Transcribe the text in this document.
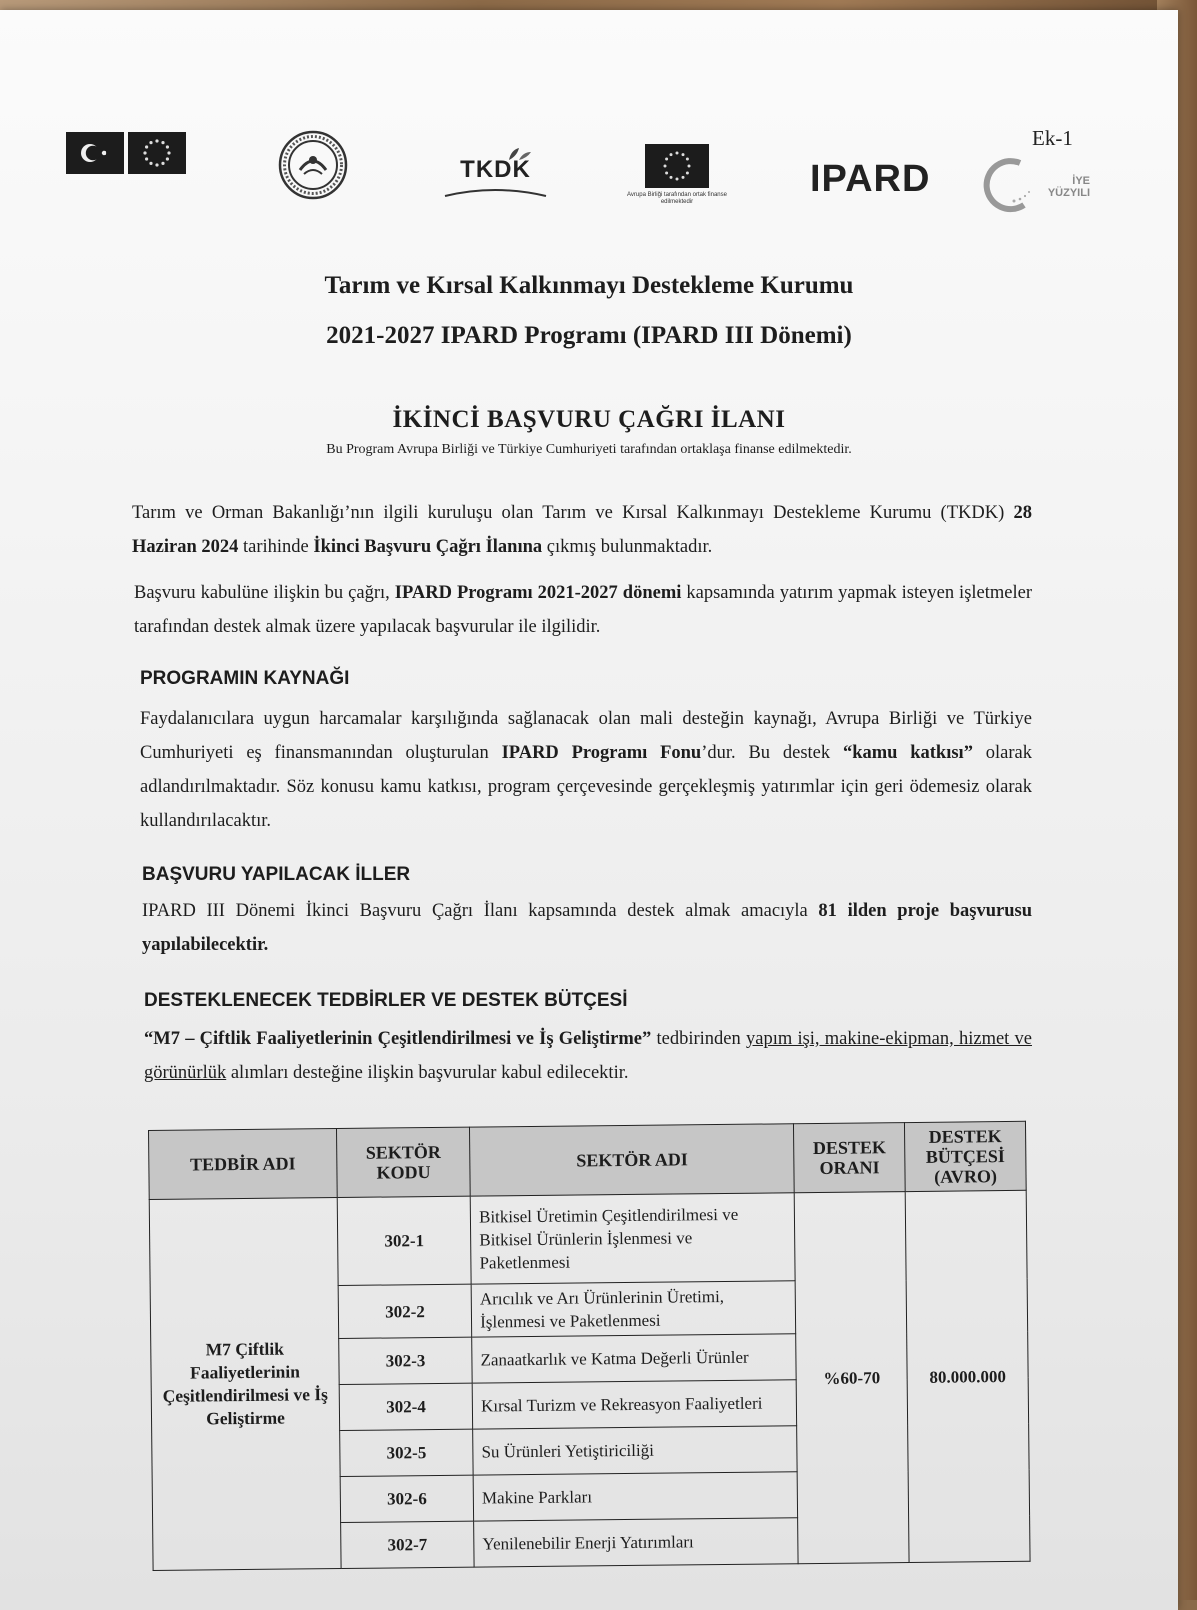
TKDK
Avrupa Birliği tarafından ortak finanse edilmektedir
IPARD	İYE YÜZYILI
Ek-1
Tarım ve Kırsal Kalkınmayı Destekleme Kurumu
2021-2027 IPARD Programı (IPARD III Dönemi)
İKİNCİ BAŞVURU ÇAĞRI İLANI
Bu Program Avrupa Birliği ve Türkiye Cumhuriyeti tarafından ortaklaşa finanse edilmektedir.
Tarım ve Orman Bakanlığı’nın ilgili kuruluşu olan Tarım ve Kırsal Kalkınmayı Destekleme Kurumu (TKDK) 28 Haziran 2024 tarihinde İkinci Başvuru Çağrı İlanına çıkmış bulunmaktadır.
Başvuru kabulüne ilişkin bu çağrı, IPARD Programı 2021-2027 dönemi kapsamında yatırım yapmak isteyen işletmeler tarafından destek almak üzere yapılacak başvurular ile ilgilidir.
PROGRAMIN KAYNAĞI
Faydalanıcılara uygun harcamalar karşılığında sağlanacak olan mali desteğin kaynağı, Avrupa Birliği ve Türkiye Cumhuriyeti eş finansmanından oluşturulan IPARD Programı Fonu’dur. Bu destek “kamu katkısı” olarak adlandırılmaktadır. Söz konusu kamu katkısı, program çerçevesinde gerçekleşmiş yatırımlar için geri ödemesiz olarak kullandırılacaktır.
BAŞVURU YAPILACAK İLLER
IPARD III Dönemi İkinci Başvuru Çağrı İlanı kapsamında destek almak amacıyla 81 ilden proje başvurusu yapılabilecektir.
DESTEKLENECEK TEDBİRLER VE DESTEK BÜTÇESİ
“M7 – Çiftlik Faaliyetlerinin Çeşitlendirilmesi ve İş Geliştirme” tedbirinden yapım işi, makine-ekipman, hizmet ve görünürlük alımları desteğine ilişkin başvurular kabul edilecektir.
TEDBİR ADI	SEKTÖR KODU	SEKTÖR ADI	DESTEK ORANI	DESTEK BÜTÇESİ (AVRO)
M7 Çiftlik Faaliyetlerinin Çeşitlendirilmesi ve İş Geliştirme	302-1	Bitkisel Üretimin Çeşitlendirilmesi ve Bitkisel Ürünlerin İşlenmesi ve Paketlenmesi	%60-70	80.000.000
	302-2	Arıcılık ve Arı Ürünlerinin Üretimi, İşlenmesi ve Paketlenmesi		
	302-3	Zanaatkarlık ve Katma Değerli Ürünler		
	302-4	Kırsal Turizm ve Rekreasyon Faaliyetleri		
	302-5	Su Ürünleri Yetiştiriciliği		
	302-6	Makine Parkları		
	302-7	Yenilenebilir Enerji Yatırımları		
